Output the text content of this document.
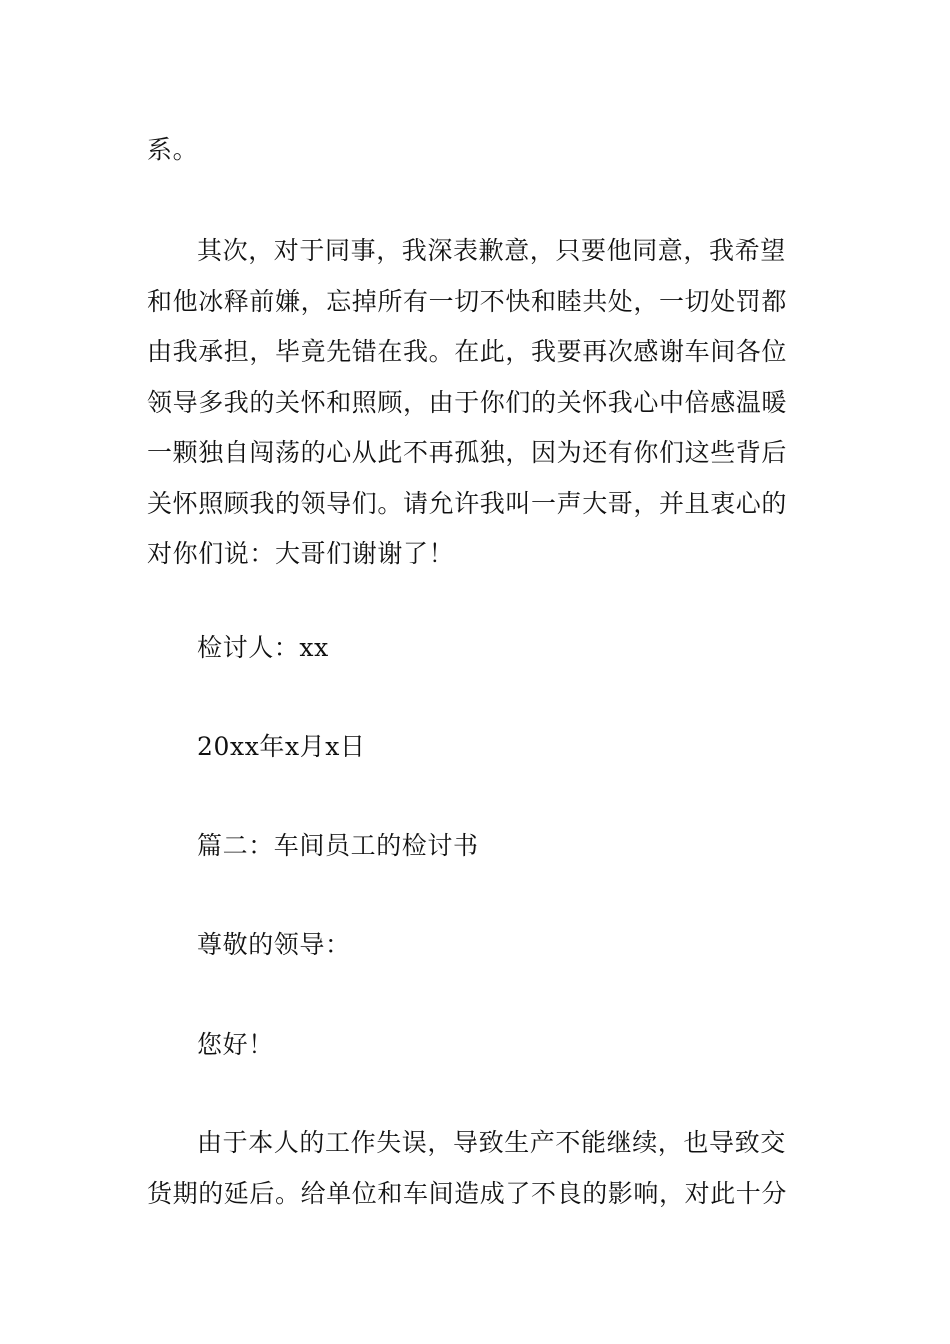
系。

其次，对于同事，我深表歉意，只要他同意，我希望
和他冰释前嫌，忘掉所有一切不快和睦共处，一切处罚都
由我承担，毕竟先错在我。在此，我要再次感谢车间各位
领导多我的关怀和照顾，由于你们的关怀我心中倍感温暖
一颗独自闯荡的心从此不再孤独，因为还有你们这些背后
关怀照顾我的领导们。请允许我叫一声大哥，并且衷心的
对你们说：大哥们谢谢了！

检讨人：xx

20xx年x月x日

篇二：车间员工的检讨书

尊敬的领导：

您好！

由于本人的工作失误，导致生产不能继续，也导致交
货期的延后。给单位和车间造成了不良的影响，对此十分
